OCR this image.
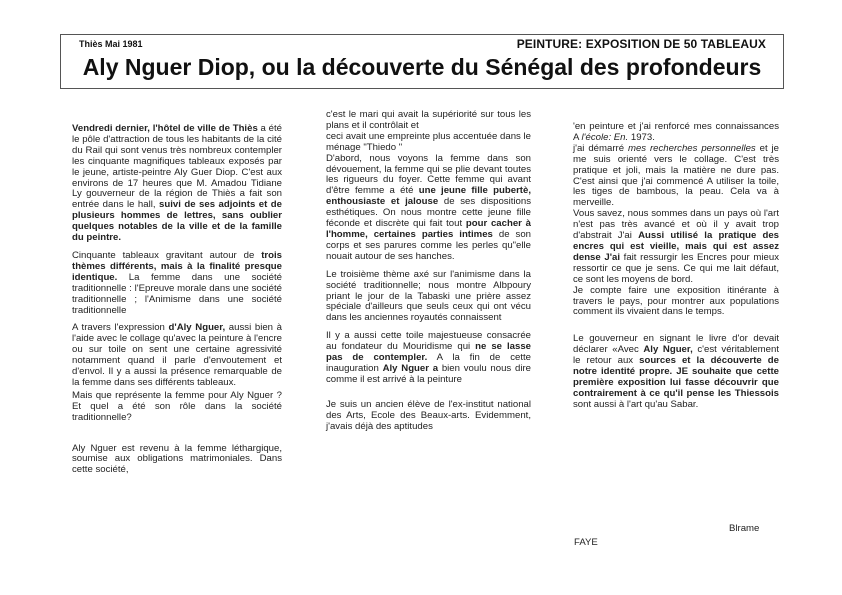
Thiès Mai 1981	PEINTURE: EXPOSITION DE 50 TABLEAUX
Aly Nguer Diop, ou la découverte du Sénégal des profondeurs

Vendredi dernier, l'hôtel de ville de Thiès a été le pôle d'attraction de tous les habitants de la cité du Rail qui sont venus très nombreux contempler les cinquante magnifiques tableaux exposés par le jeune, artiste-peintre Aly Guer Diop. C'est aux environs de 17 heures que M. Amadou Tidiane Ly gouverneur de la région de Thiès a fait son entrée dans le hall, suivi de ses adjoints et de plusieurs hommes de lettres, sans oublier quelques notables de la ville et de la famille du peintre.

Cinquante tableaux gravitant autour de trois thèmes différents, mais à la finalité presque identique. La femme dans une société traditionnelle : l'Epreuve morale dans une société traditionnelle ; l'Animisme dans une société traditionnelle

A travers l'expression d'Aly Nguer, aussi bien à l'aide avec le collage qu'avec la peinture à l'encre ou sur toile on sent une certaine agressivité notamment quand il parle d'envoutement et d'envol. Il y a aussi la présence remarquable de la femme dans ses différents tableaux.

Mais que représente la femme pour Aly Nguer ? Et quel a été son rôle dans la société traditionnelle?

Aly Nguer est revenu à la femme léthargique, soumise aux obligations matrimoniales. Dans cette société,

c'est le mari qui avait la supériorité sur tous les plans et il contrôlait et

ceci avait une empreinte plus accentuée dans le ménage "Thiedo "

D'abord, nous voyons la femme dans son dévouement, la femme qui se plie devant toutes les rigueurs du foyer. Cette femme qui avant d'être femme a été une jeune fille pubertè, enthousiaste et jalouse de ses dispositions esthétiques. On nous montre cette jeune fille féconde et discrète qui fait tout pour cacher à l'homme, certaines parties intimes de son corps et ses parures comme les perles qu"elle nouait autour de ses hanches.

Le troisième thème axé sur l'animisme dans la société traditionnelle; nous montre Albpoury priant le jour de la Tabaski une prière assez spéciale d'ailleurs que seuls ceux qui ont vécu dans les anciennes royautés connaissent

Il y a aussi cette toile majestueuse consacrée au fondateur du Mouridisme qui ne se lasse pas de contempler. A la fin de cette inauguration Aly Nguer a bien voulu nous dire comme il est arrivé à la peinture

Je suis un ancien élève de l'ex-institut national des Arts, Ecole des Beaux-arts. Evidemment, j'avais déjà des aptitudes

'en peinture et j'ai renforcé mes connaissances A l'école: En. 1973.

j'ai démarré mes recherches personnelles et je me suis orienté vers le collage. C'est très pratique et joli, mais la matière ne dure pas. C'est ainsi que j'ai commencé A utiliser la toile, les tiges de bambous, la peau. Cela va à merveille.

Vous savez, nous sommes dans un pays où l'art n'est pas très avancé et où il y avait trop d'abstrait J'ai Aussi utilisé la pratique des encres qui est vieille, mais qui est assez dense J'ai fait ressurgir les Encres pour mieux ressortir ce que je sens. Ce qui me lait défaut, ce sont les moyens de bord.

Je compte faire une exposition itinérante à travers le pays, pour montrer aux populations comment ils vivaient dans le temps.

Le gouverneur en signant le livre d'or devait déclarer «Avec Aly Nguer, c'est véritablement le retour aux sources et la découverte de notre identité propre. JE souhaite que cette première exposition lui fasse découvrir que contrairement à ce qu'il pense les Thiessois sont aussi à l'art qu'au Sabar.

Blrame
FAYE
